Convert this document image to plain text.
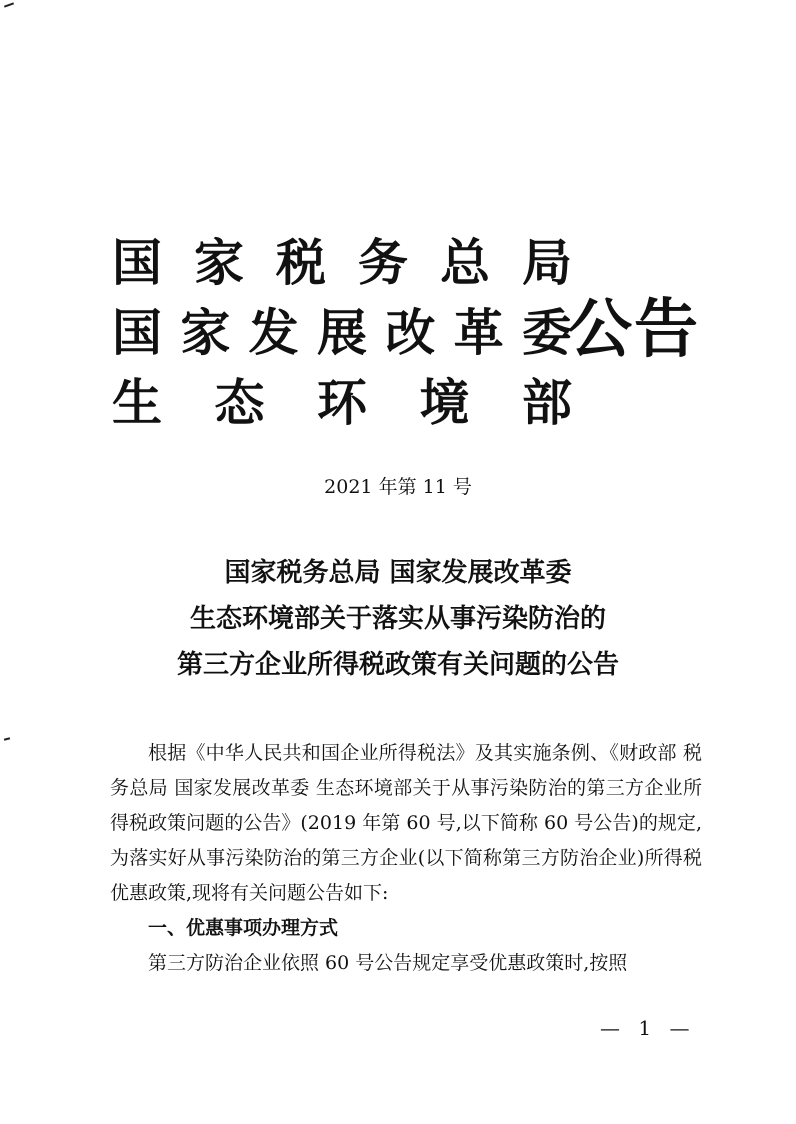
国 家 税 务 总 局
国 家 发 展 改 革 委
生 态 环 境 部
公告
2021 年第 11 号
国家税务总局 国家发展改革委
生态环境部关于落实从事污染防治的
第三方企业所得税政策有关问题的公告

根据《中华人民共和国企业所得税法》及其实施条例、《财政部 税务总局 国家发展改革委 生态环境部关于从事污染防治的第三方企业所得税政策问题的公告》(2019 年第 60 号,以下简称 60 号公告)的规定,为落实好从事污染防治的第三方企业(以下简称第三方防治企业)所得税优惠政策,现将有关问题公告如下:

一、优惠事项办理方式

第三方防治企业依照 60 号公告规定享受优惠政策时,按照

— 1 —
